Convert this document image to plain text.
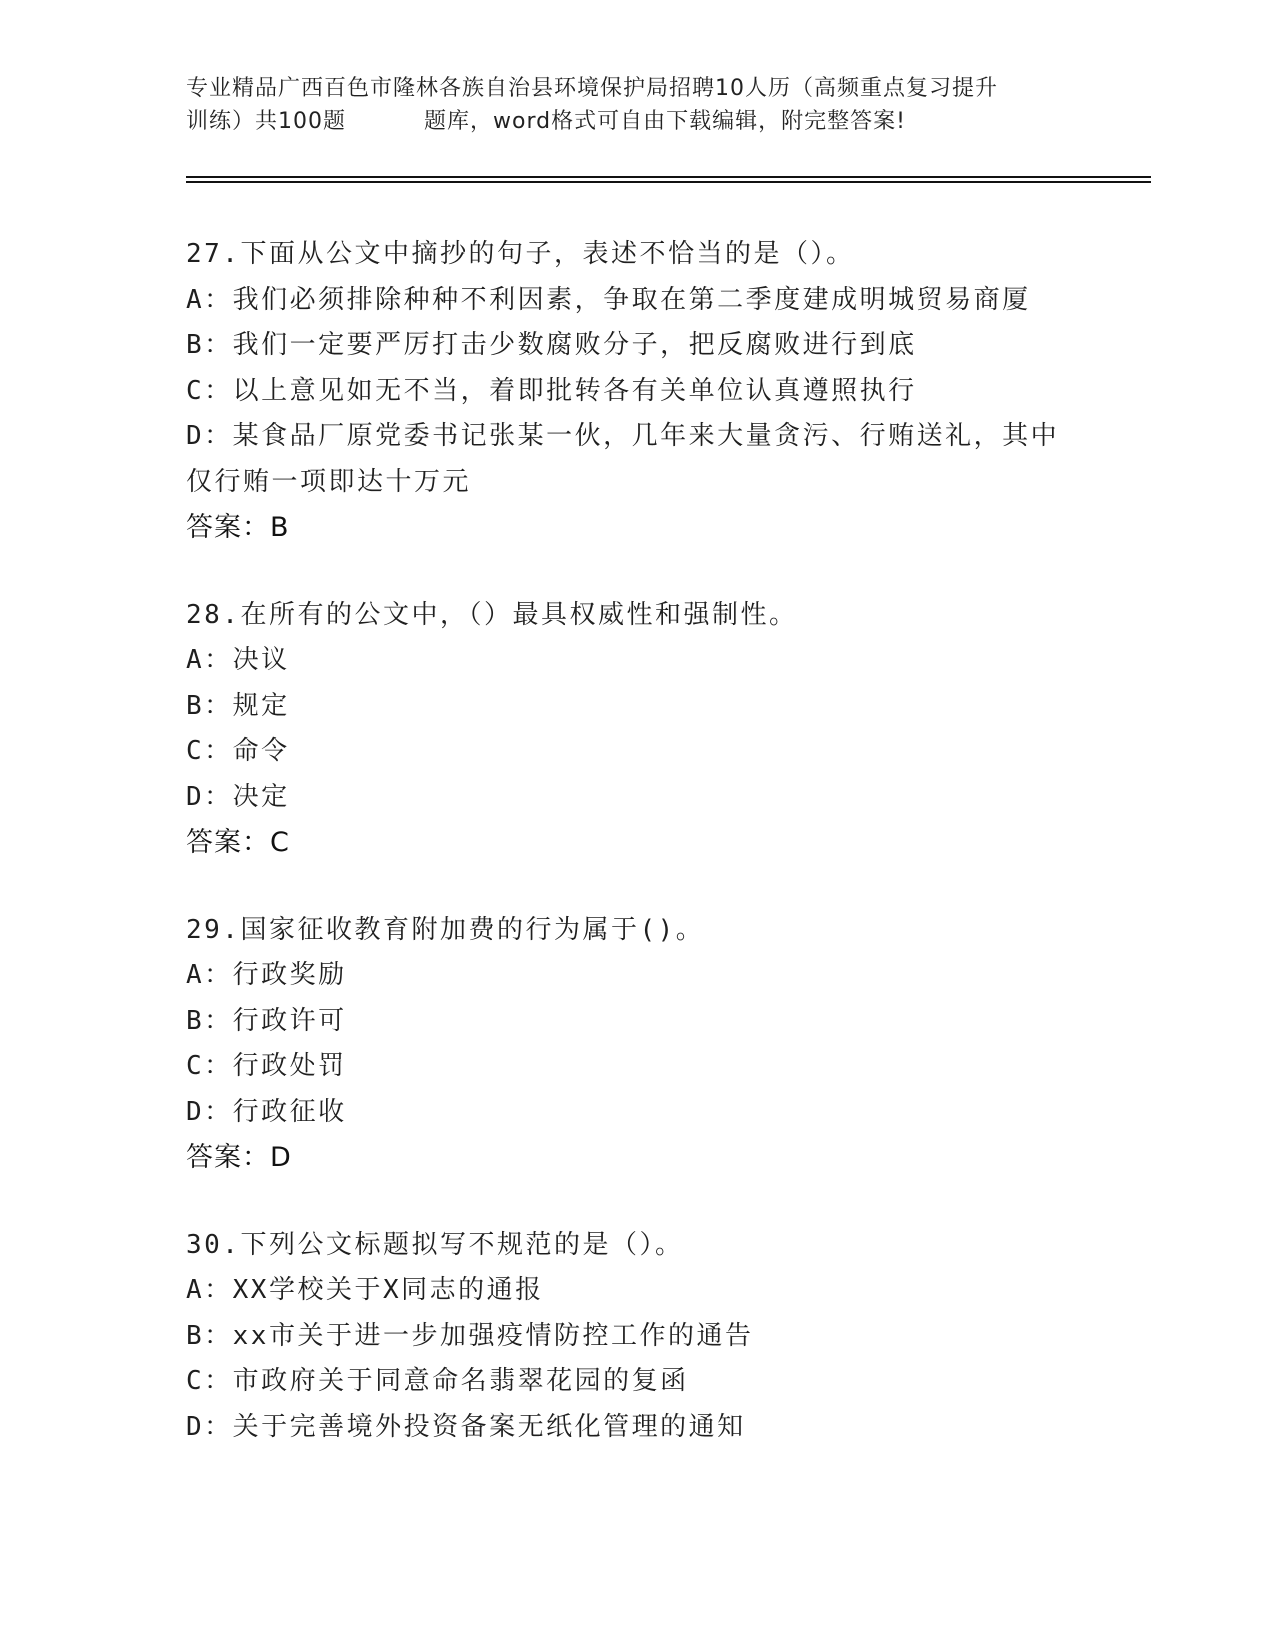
专业精品广西百色市隆林各族自治县环境保护局招聘10人历（高频重点复习提升
训练）共100题	题库，word格式可自由下载编辑，附完整答案!
27.下面从公文中摘抄的句子，表述不恰当的是（）。
A：我们必须排除种种不利因素，争取在第二季度建成明城贸易商厦
B：我们一定要严厉打击少数腐败分子，把反腐败进行到底
C：以上意见如无不当，着即批转各有关单位认真遵照执行
D：某食品厂原党委书记张某一伙，几年来大量贪污、行贿送礼，其中
仅行贿一项即达十万元
答案：B
28.在所有的公文中，（）最具权威性和强制性。
A：决议
B：规定
C：命令
D：决定
答案：C
29.国家征收教育附加费的行为属于()。
A：行政奖励
B：行政许可
C：行政处罚
D：行政征收
答案：D
30.下列公文标题拟写不规范的是（）。
A：XX学校关于X同志的通报
B：xx市关于进一步加强疫情防控工作的通告
C：市政府关于同意命名翡翠花园的复函
D：关于完善境外投资备案无纸化管理的通知
